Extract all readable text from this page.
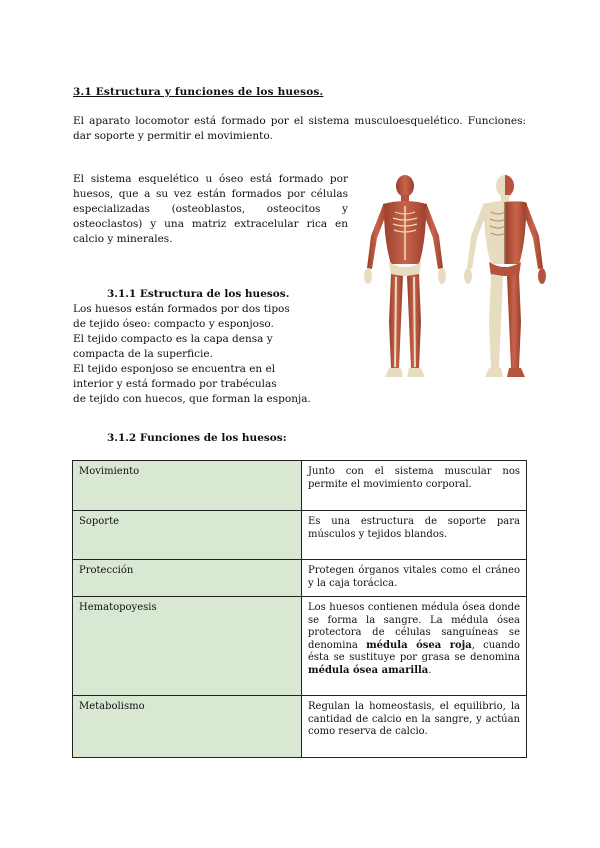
3.1 Estructura y funciones de los huesos.
El aparato locomotor está formado por el sistema musculoesquelético. Funciones: dar soporte y permitir el movimiento.
El sistema esquelético u óseo está formado por huesos, que a su vez están formados por células especializadas (osteoblastos, osteocitos y osteoclastos) y una matriz extracelular rica en calcio y minerales.
3.1.1 Estructura de los huesos.
Los huesos están formados por dos tipos
de tejido óseo: compacto y esponjoso.
El tejido compacto es la capa densa y
compacta de la superficie.
El tejido esponjoso se encuentra en el
interior y está formado por trabéculas
de tejido con huecos, que forman la esponja.
3.1.2 Funciones de los huesos:
Movimiento	Junto con el sistema muscular nos permite el movimiento corporal.
Soporte	Es una estructura de soporte para músculos y tejidos blandos.
Protección	Protegen órganos vitales como el cráneo y la caja torácica.
Hematopoyesis	Los huesos contienen médula ósea donde se forma la sangre. La médula ósea protectora de células sanguíneas se denomina médula ósea roja, cuando ésta se sustituye por grasa se denomina médula ósea amarilla.
Metabolismo	Regulan la homeostasis, el equilibrio, la cantidad de calcio en la sangre, y actúan como reserva de calcio.
